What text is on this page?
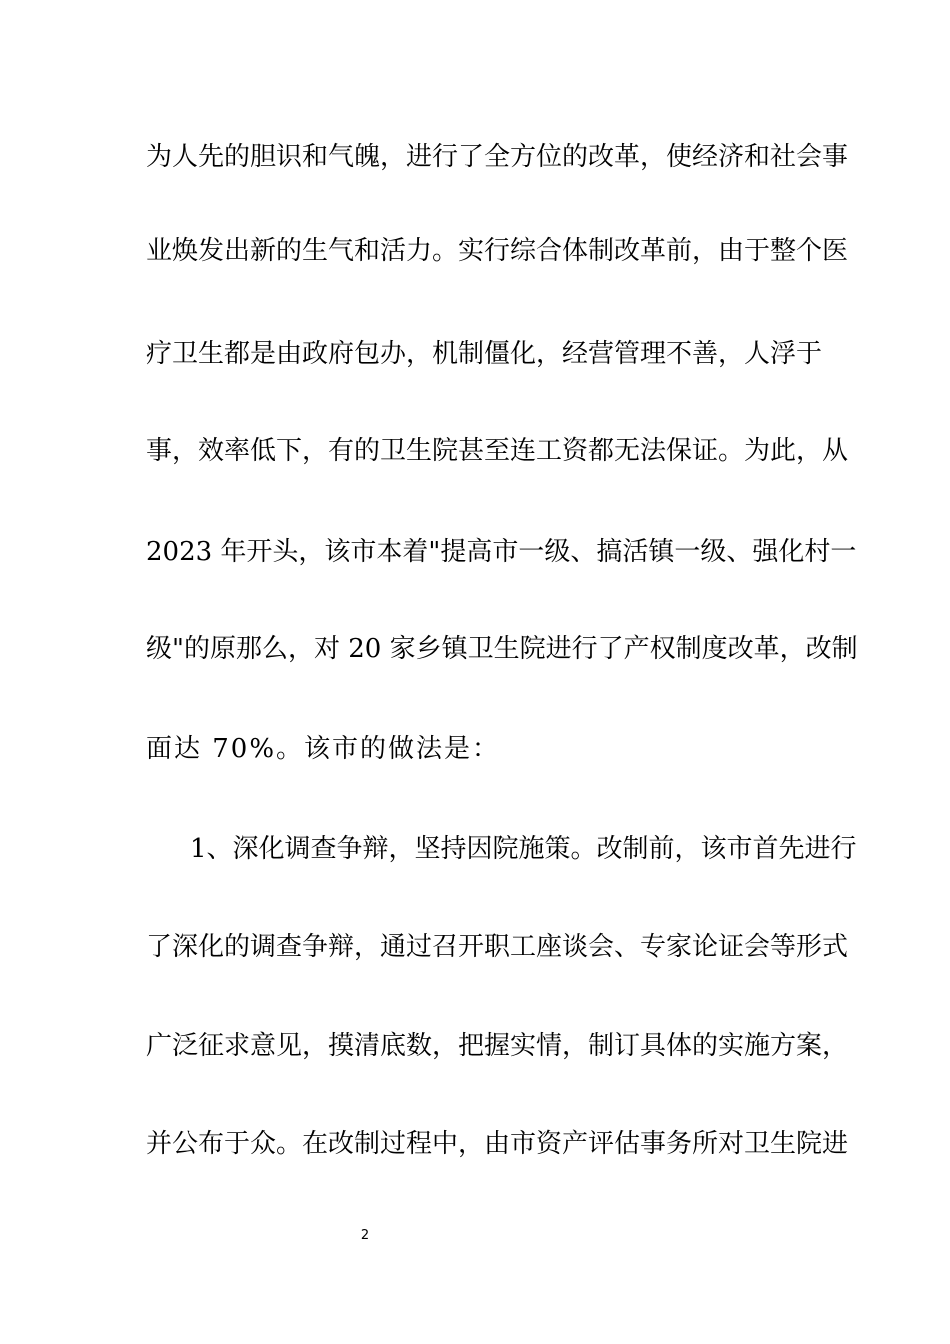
为人先的胆识和气魄，进行了全方位的改革，使经济和社会事
业焕发出新的生气和活力。实行综合体制改革前，由于整个医
疗卫生都是由政府包办，机制僵化，经营管理不善，人浮于
事，效率低下，有的卫生院甚至连工资都无法保证。为此，从
2023 年开头，该市本着"提高市一级、搞活镇一级、强化村一
级"的原那么，对 20 家乡镇卫生院进行了产权制度改革，改制
面达 70%。该市的做法是：
1、深化调查争辩，坚持因院施策。改制前，该市首先进行
了深化的调查争辩，通过召开职工座谈会、专家论证会等形式
广泛征求意见，摸清底数，把握实情，制订具体的实施方案，
并公布于众。在改制过程中，由市资产评估事务所对卫生院进
2
